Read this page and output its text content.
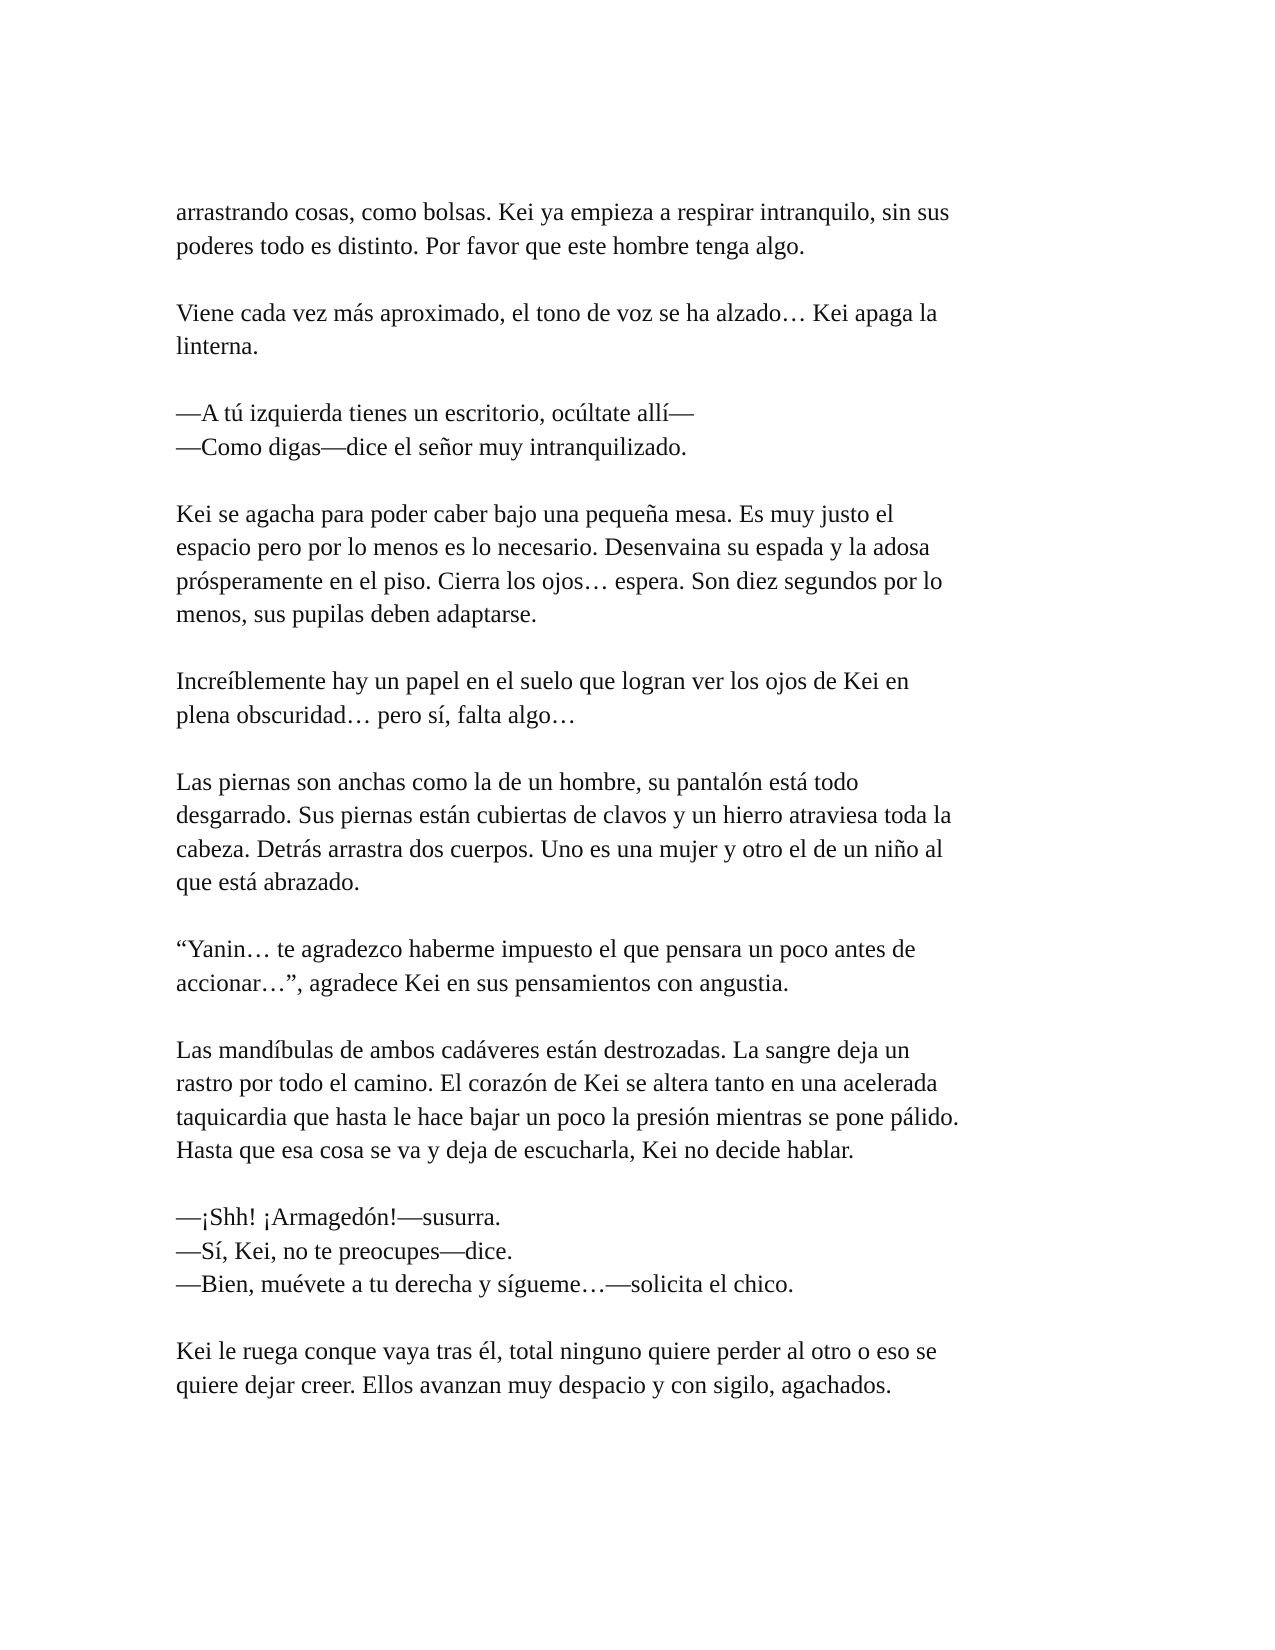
arrastrando cosas, como bolsas. Kei ya empieza a respirar intranquilo, sin sus
poderes todo es distinto. Por favor que este hombre tenga algo.
Viene cada vez más aproximado, el tono de voz se ha alzado… Kei apaga la
linterna.
—A tú izquierda tienes un escritorio, ocúltate allí—
—Como digas—dice el señor muy intranquilizado.
Kei se agacha para poder caber bajo una pequeña mesa. Es muy justo el
espacio pero por lo menos es lo necesario. Desenvaina su espada y la adosa
prósperamente en el piso. Cierra los ojos… espera. Son diez segundos por lo
menos, sus pupilas deben adaptarse.
Increíblemente hay un papel en el suelo que logran ver los ojos de Kei en
plena obscuridad… pero sí, falta algo…
Las piernas son anchas como la de un hombre, su pantalón está todo
desgarrado. Sus piernas están cubiertas de clavos y un hierro atraviesa toda la
cabeza. Detrás arrastra dos cuerpos. Uno es una mujer y otro el de un niño al
que está abrazado.
“Yanin… te agradezco haberme impuesto el que pensara un poco antes de
accionar…”, agradece Kei en sus pensamientos con angustia.
Las mandíbulas de ambos cadáveres están destrozadas. La sangre deja un
rastro por todo el camino. El corazón de Kei se altera tanto en una acelerada
taquicardia que hasta le hace bajar un poco la presión mientras se pone pálido.
Hasta que esa cosa se va y deja de escucharla, Kei no decide hablar.
—¡Shh! ¡Armagedón!—susurra.
—Sí, Kei, no te preocupes—dice.
—Bien, muévete a tu derecha y sígueme…—solicita el chico.
Kei le ruega conque vaya tras él, total ninguno quiere perder al otro o eso se
quiere dejar creer. Ellos avanzan muy despacio y con sigilo, agachados.
